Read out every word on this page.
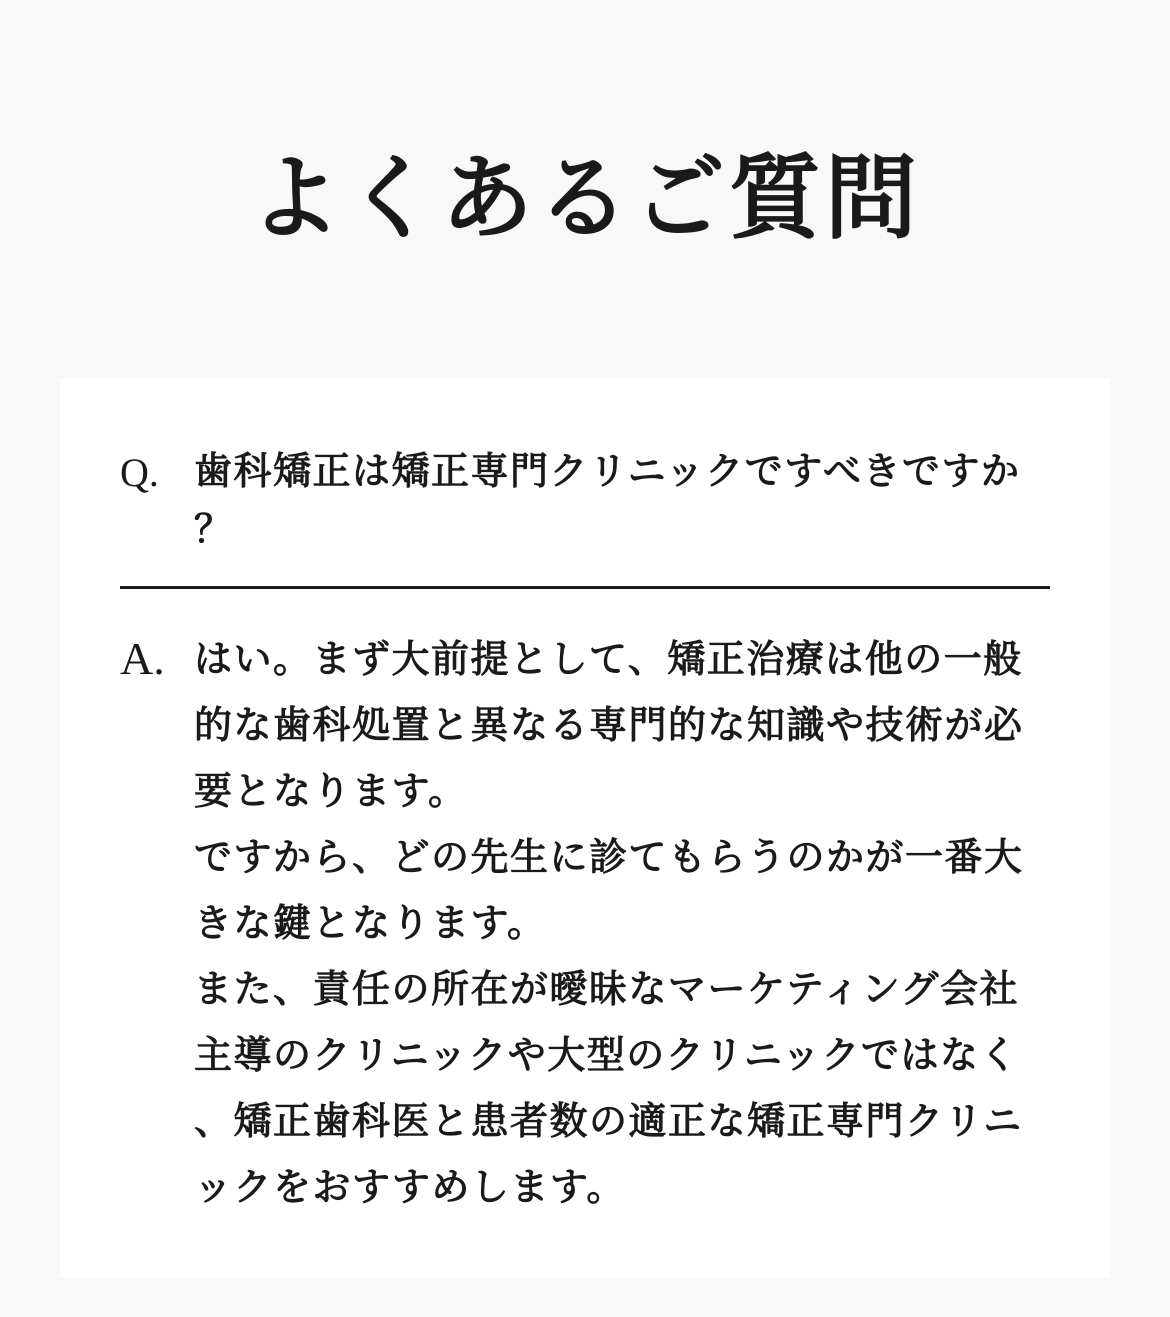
よくあるご質問
Q. 歯科矯正は矯正専門クリニックですべきですか？
A. はい。まず大前提として、矯正治療は他の一般的な歯科処置と異なる専門的な知識や技術が必要となります。
ですから、どの先生に診てもらうのかが一番大きな鍵となります。
また、責任の所在が曖昧なマーケティング会社主導のクリニックや大型のクリニックではなく、矯正歯科医と患者数の適正な矯正専門クリニックをおすすめします。
